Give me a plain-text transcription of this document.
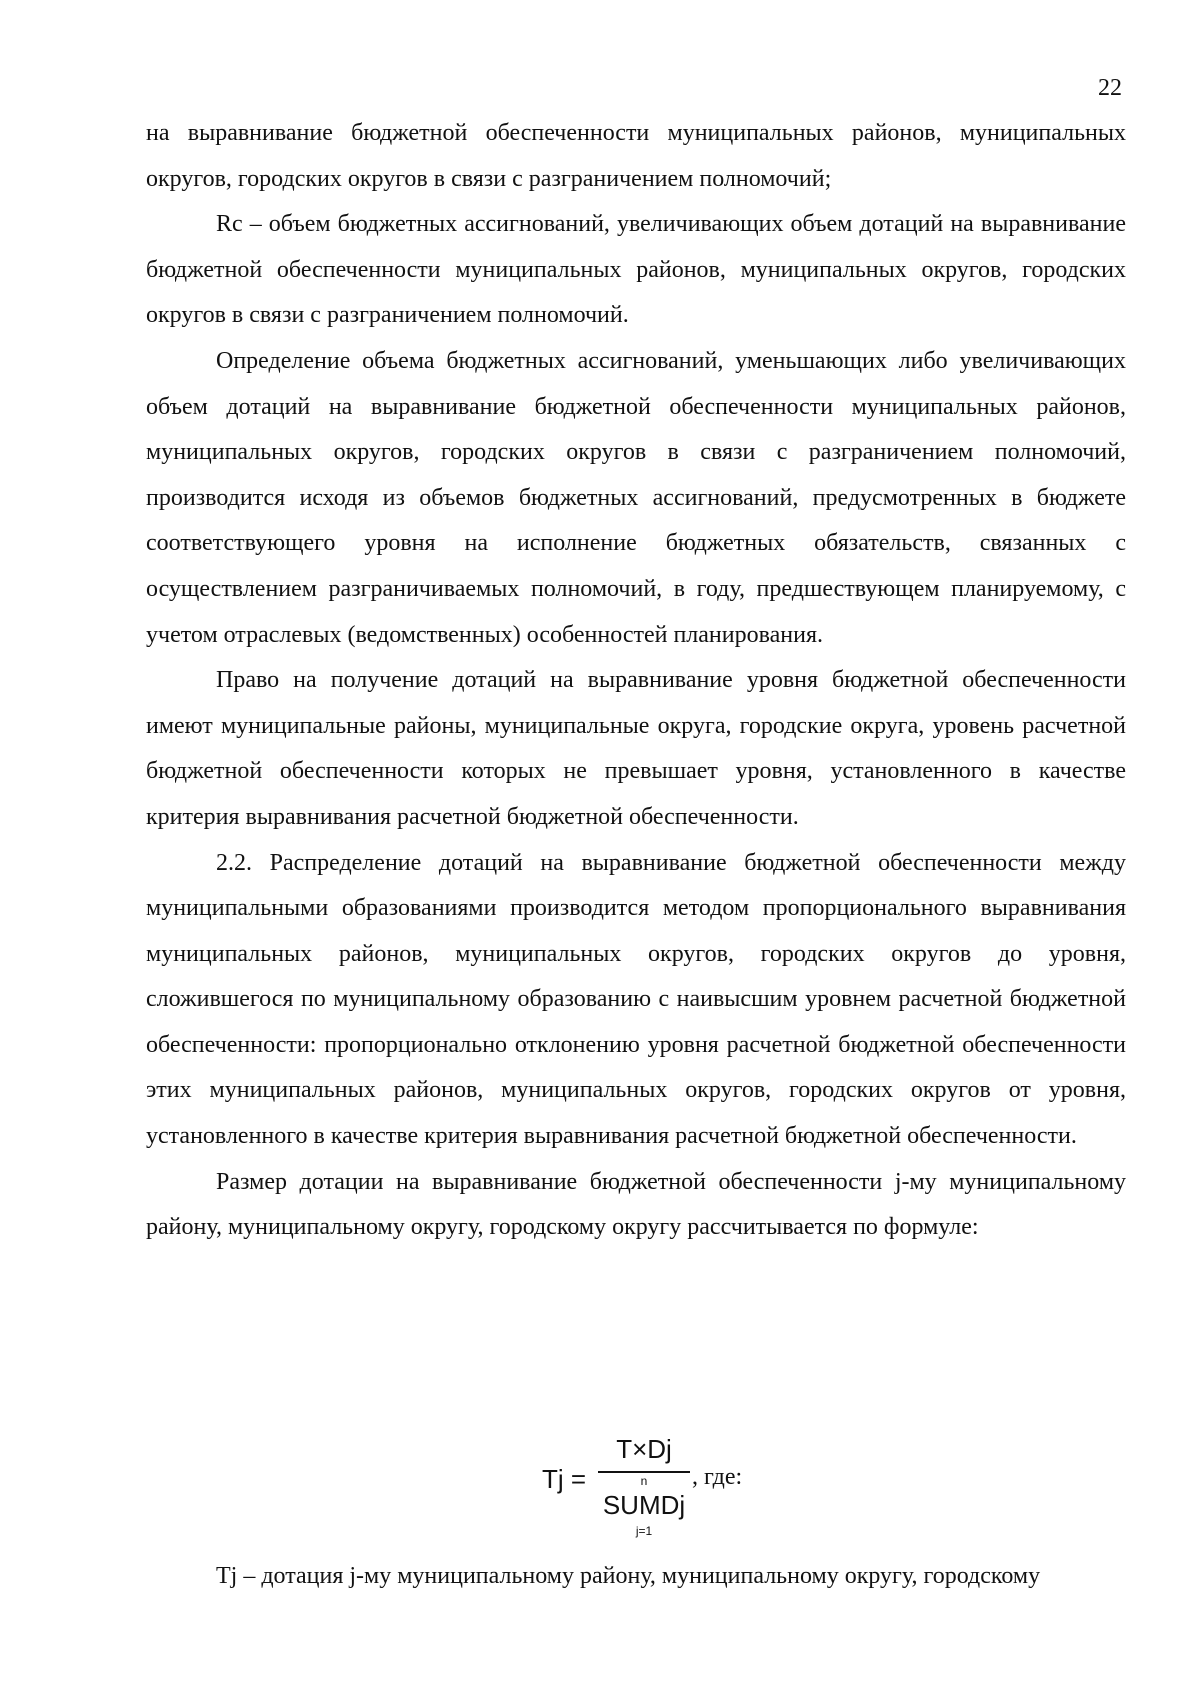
22

на выравнивание бюджетной обеспеченности муниципальных районов, муниципальных округов, городских округов в связи с разграничением полномочий;

Rc – объем бюджетных ассигнований, увеличивающих объем дотаций на выравнивание бюджетной обеспеченности муниципальных районов, муниципальных округов, городских округов в связи с разграничением полномочий.

Определение объема бюджетных ассигнований, уменьшающих либо увеличивающих объем дотаций на выравнивание бюджетной обеспеченности муниципальных районов, муниципальных округов, городских округов в связи с разграничением полномочий, производится исходя из объемов бюджетных ассигнований, предусмотренных в бюджете соответствующего уровня на исполнение бюджетных обязательств, связанных с осуществлением разграничиваемых полномочий, в году, предшествующем планируемому, с учетом отраслевых (ведомственных) особенностей планирования.

Право на получение дотаций на выравнивание уровня бюджетной обеспеченности имеют муниципальные районы, муниципальные округа, городские округа, уровень расчетной бюджетной обеспеченности которых не превышает уровня, установленного в качестве критерия выравнивания расчетной бюджетной обеспеченности.

2.2. Распределение дотаций на выравнивание бюджетной обеспеченности между муниципальными образованиями производится методом пропорционального выравнивания муниципальных районов, муниципальных округов, городских округов до уровня, сложившегося по муниципальному образованию с наивысшим уровнем расчетной бюджетной обеспеченности: пропорционально отклонению уровня расчетной бюджетной обеспеченности этих муниципальных районов, муниципальных округов, городских округов от уровня, установленного в качестве критерия выравнивания расчетной бюджетной обеспеченности.

Размер дотации на выравнивание бюджетной обеспеченности j-му муниципальному району, муниципальному округу, городскому округу рассчитывается по формуле:

Tj =
T×Dj
n
SUMDj
j=1
, где:

Tj – дотация j-му муниципальному району, муниципальному округу, городскому
